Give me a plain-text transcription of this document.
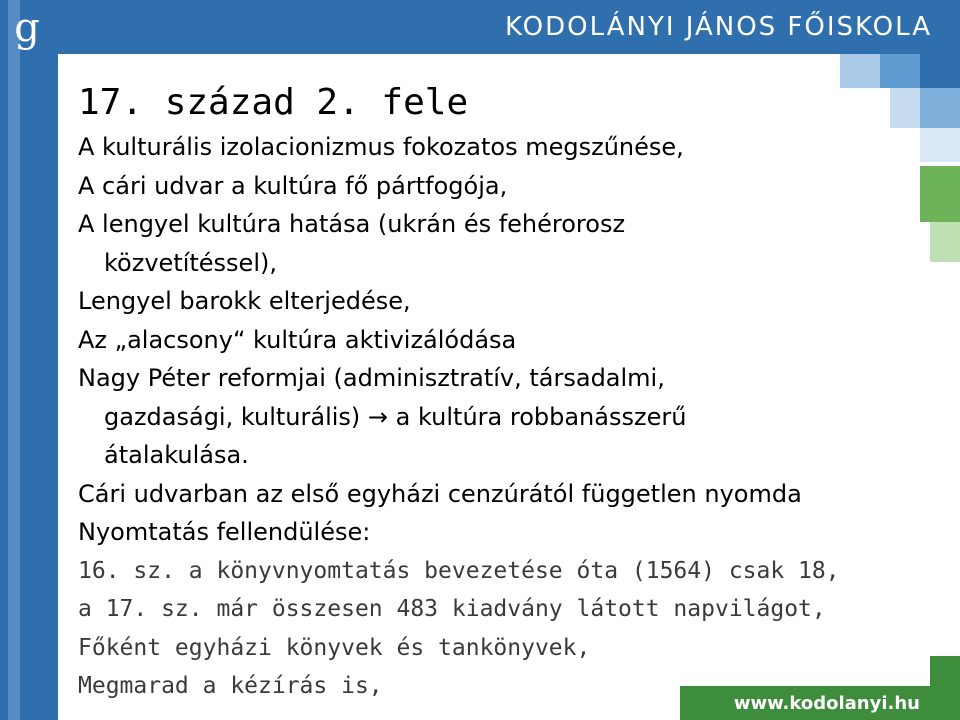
g	KODOLÁNYI JÁNOS FŐISKOLA
www.kodolanyi.hu
17. század 2. fele
A kulturális izolacionizmus fokozatos megszűnése,
A cári udvar a kultúra fő pártfogója,
A lengyel kultúra hatása (ukrán és fehérorosz
közvetítéssel),
Lengyel barokk elterjedése,
Az „alacsony“ kultúra aktivizálódása
Nagy Péter reformjai (adminisztratív, társadalmi,
gazdasági, kulturális) → a kultúra robbanásszerű
átalakulása.
Cári udvarban az első egyházi cenzúrától független nyomda
Nyomtatás fellendülése:
16. sz. a könyvnyomtatás bevezetése óta (1564) csak 18,
a 17. sz. már összesen 483 kiadvány látott napvilágot,
Főként egyházi könyvek és tankönyvek,
Megmarad a kézírás is,
